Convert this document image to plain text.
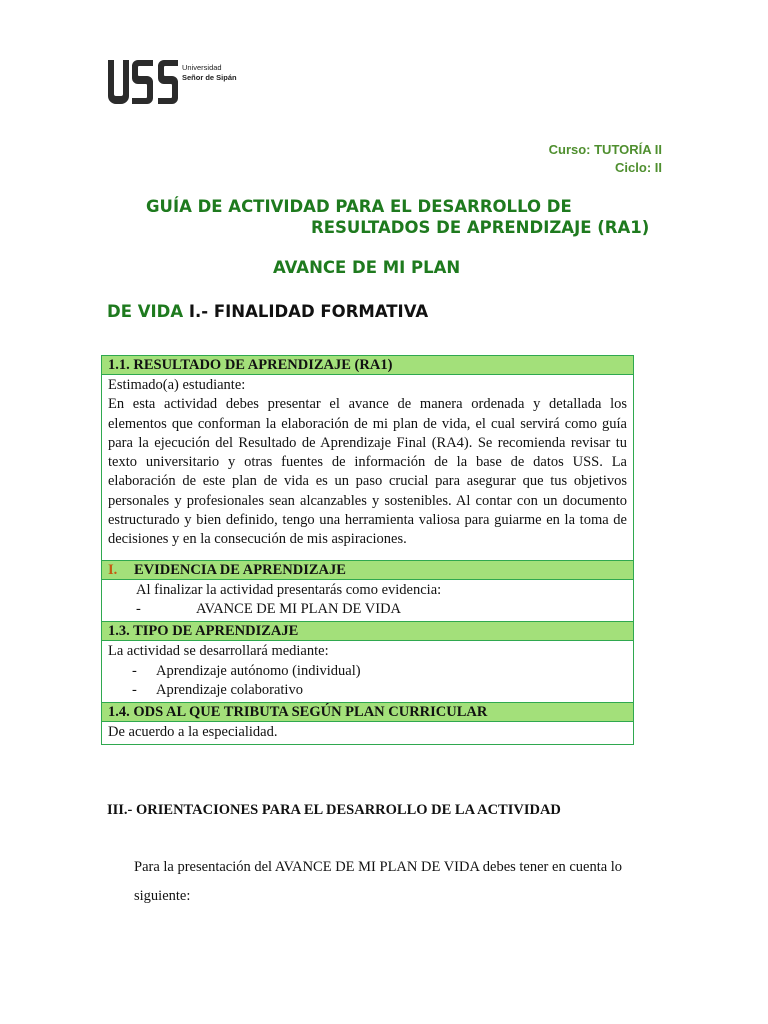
Universidad
Señor de Sipán
Curso: TUTORÍA II
Ciclo: II
GUÍA DE ACTIVIDAD PARA EL DESARROLLO DE
RESULTADOS DE APRENDIZAJE (RA1)
AVANCE DE MI PLAN
DE VIDA I.- FINALIDAD FORMATIVA
1.1. RESULTADO DE APRENDIZAJE (RA1)
Estimado(a) estudiante:
En esta actividad debes presentar el avance de manera ordenada y detallada los elementos que conforman la elaboración de mi plan de vida, el cual servirá como guía para la ejecución del Resultado de Aprendizaje Final (RA4). Se recomienda revisar tu texto universitario y otras fuentes de información de la base de datos USS. La elaboración de este plan de vida es un paso crucial para asegurar que tus objetivos personales y profesionales sean alcanzables y sostenibles. Al contar con un documento estructurado y bien definido, tengo una herramienta valiosa para guiarme en la toma de decisiones y en la consecución de mis aspiraciones.
I. EVIDENCIA DE APRENDIZAJE
Al finalizar la actividad presentarás como evidencia:
-	AVANCE DE MI PLAN DE VIDA
1.3. TIPO DE APRENDIZAJE
La actividad se desarrollará mediante:
- Aprendizaje autónomo (individual)
- Aprendizaje colaborativo
1.4. ODS AL QUE TRIBUTA SEGÚN PLAN CURRICULAR
De acuerdo a la especialidad.
III.- ORIENTACIONES PARA EL DESARROLLO DE LA ACTIVIDAD
Para la presentación del AVANCE DE MI PLAN DE VIDA debes tener en cuenta lo siguiente:
